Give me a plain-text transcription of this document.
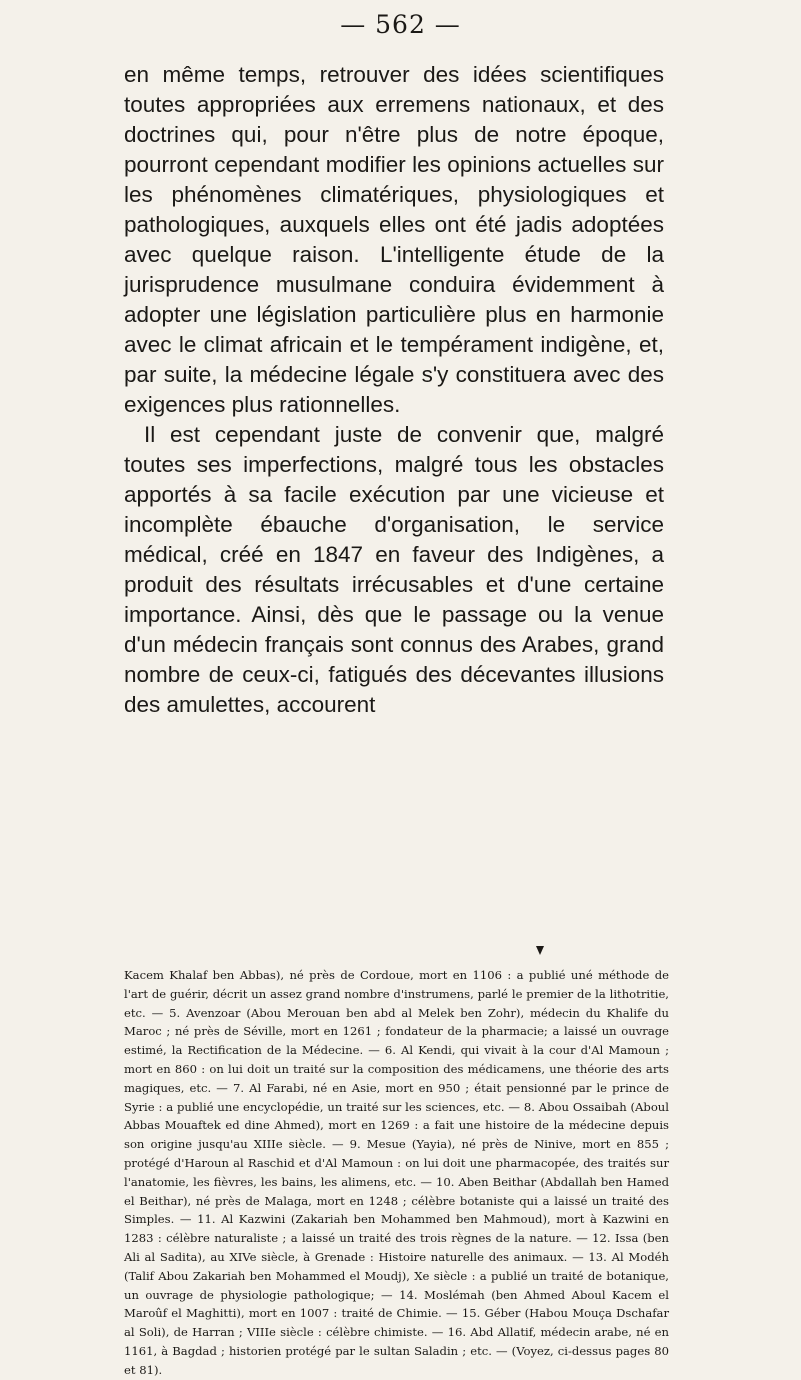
— 562 —

en même temps, retrouver des idées scientifiques toutes appropriées aux erremens nationaux, et des doctrines qui, pour n'être plus de notre époque, pourront cependant modifier les opinions actuelles sur les phénomènes climatériques, physiologiques et pathologiques, auxquels elles ont été jadis adoptées avec quelque raison. L'intelligente étude de la jurisprudence musulmane conduira évidemment à adopter une législation particulière plus en harmonie avec le climat africain et le tempérament indigène, et, par suite, la médecine légale s'y constituera avec des exigences plus rationnelles.

Il est cependant juste de convenir que, malgré toutes ses imperfections, malgré tous les obstacles apportés à sa facile exécution par une vicieuse et incomplète ébauche d'organisation, le service médical, créé en 1847 en faveur des Indigènes, a produit des résultats irrécusables et d'une certaine importance. Ainsi, dès que le passage ou la venue d'un médecin français sont connus des Arabes, grand nombre de ceux-ci, fatigués des décevantes illusions des amulettes, accourent

Kacem Khalaf ben Abbas), né près de Cordoue, mort en 1106 : a publié uné méthode de l'art de guérir, décrit un assez grand nombre d'instrumens, parlé le premier de la lithotritie, etc. — 5. Avenzoar (Abou Merouan ben abd al Melek ben Zohr), médecin du Khalife du Maroc ; né près de Séville, mort en 1261 ; fondateur de la pharmacie; a laissé un ouvrage estimé, la Rectification de la Médecine. — 6. Al Kendi, qui vivait à la cour d'Al Mamoun ; mort en 860 : on lui doit un traité sur la composition des médicamens, une théorie des arts magiques, etc. — 7. Al Farabi, né en Asie, mort en 950 ; était pensionné par le prince de Syrie : a publié une encyclopédie, un traité sur les sciences, etc. — 8. Abou Ossaibah (Aboul Abbas Mouaftek ed dine Ahmed), mort en 1269 : a fait une histoire de la médecine depuis son origine jusqu'au XIIIe siècle. — 9. Mesue (Yayia), né près de Ninive, mort en 855 ; protégé d'Haroun al Raschid et d'Al Mamoun : on lui doit une pharmacopée, des traités sur l'anatomie, les fièvres, les bains, les alimens, etc. — 10. Aben Beithar (Abdallah ben Hamed el Beithar), né près de Malaga, mort en 1248 ; célèbre botaniste qui a laissé un traité des Simples. — 11. Al Kazwini (Zakariah ben Mohammed ben Mahmoud), mort à Kazwini en 1283 : célèbre naturaliste ; a laissé un traité des trois règnes de la nature. — 12. Issa (ben Ali al Sadita), au XIVe siècle, à Grenade : Histoire naturelle des animaux. — 13. Al Modéh (Talif Abou Zakariah ben Mohammed el Moudj), Xe siècle : a publié un traité de botanique, un ouvrage de physiologie pathologique; — 14. Moslémah (ben Ahmed Aboul Kacem el Maroûf el Maghitti), mort en 1007 : traité de Chimie. — 15. Géber (Habou Mouça Dschafar al Soli), de Harran ; VIIIe siècle : célèbre chimiste. — 16. Abd Allatif, médecin arabe, né en 1161, à Bagdad ; historien protégé par le sultan Saladin ; etc. — (Voyez, ci-dessus pages 80 et 81).
